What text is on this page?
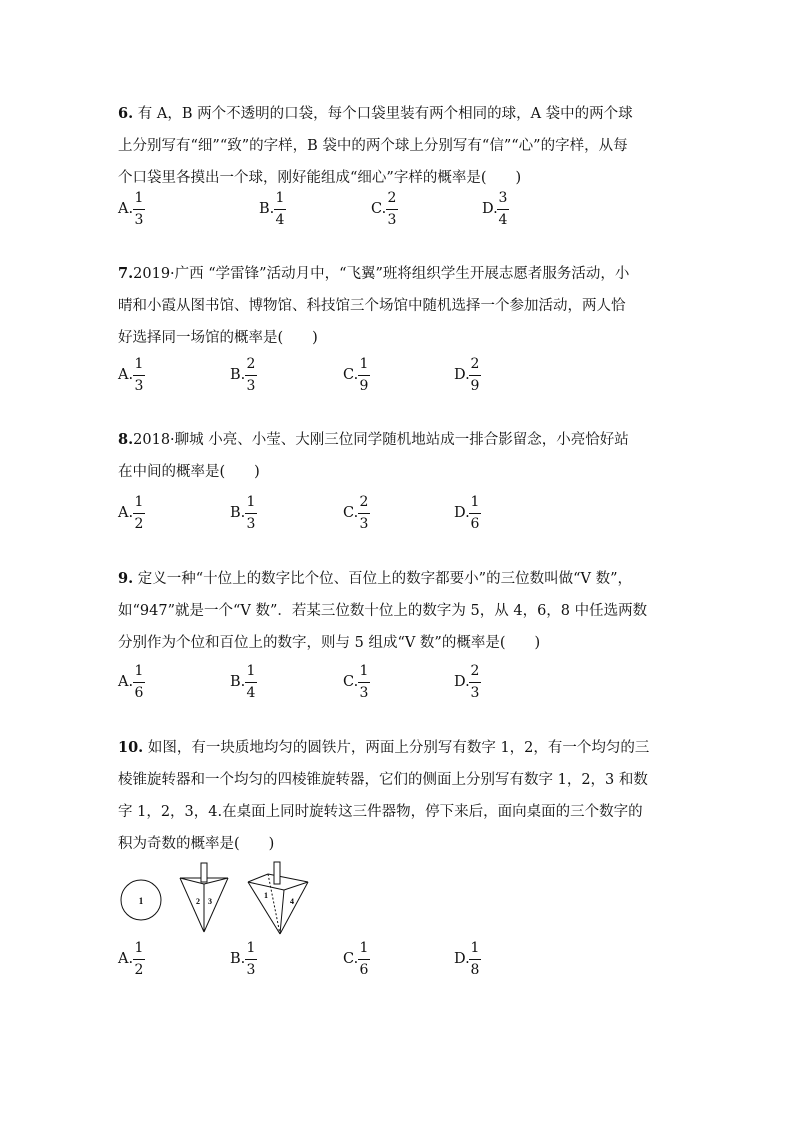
6. 有 A，B 两个不透明的口袋，每个口袋里装有两个相同的球，A 袋中的两个球

上分别写有“细”“致”的字样，B 袋中的两个球上分别写有“信”“心”的字样，从每

个口袋里各摸出一个球，刚好能组成“细心”字样的概率是(　　)

A.
1
3
B.
1
4
C.
2
3
D.
3
4

7.2019·广西 “学雷锋”活动月中，“飞翼”班将组织学生开展志愿者服务活动，小

晴和小霞从图书馆、博物馆、科技馆三个场馆中随机选择一个参加活动，两人恰

好选择同一场馆的概率是(　　)

A.
1
3
B.
2
3
C.
1
9
D.
2
9

8.2018·聊城 小亮、小莹、大刚三位同学随机地站成一排合影留念，小亮恰好站

在中间的概率是(　　)

A.
1
2
B.
1
3
C.
2
3
D.
1
6

9. 定义一种“十位上的数字比个位、百位上的数字都要小”的三位数叫做“V 数”，

如“947”就是一个“V 数”．若某三位数十位上的数字为 5，从 4，6，8 中任选两数

分别作为个位和百位上的数字，则与 5 组成“V 数”的概率是(　　)

A.
1
6
B.
1
4
C.
1
3
D.
2
3

10. 如图，有一块质地均匀的圆铁片，两面上分别写有数字 1，2，有一个均匀的三

棱锥旋转器和一个均匀的四棱锥旋转器，它们的侧面上分别写有数字 1，2，3 和数

字 1，2，3，4.在桌面上同时旋转这三件器物，停下来后，面向桌面的三个数字的

积为奇数的概率是(　　)

1	2 3
1
4
A.
1
2
B.
1
3
C.
1
6
D.
1
8
